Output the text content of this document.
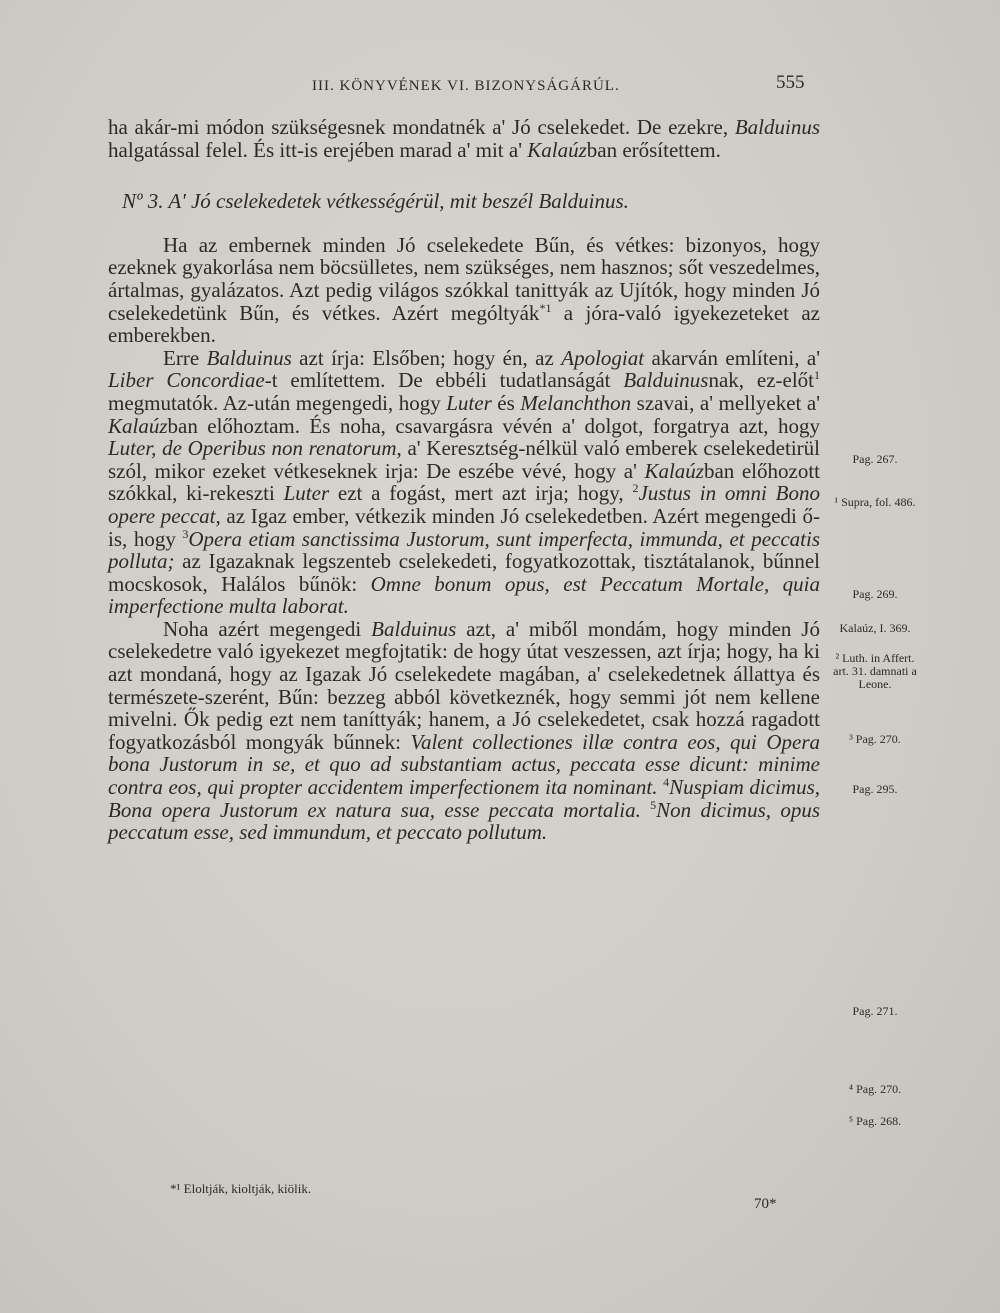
III. KÖNYVÉNEK VI. BIZONYSÁGÁRÚL.	555

ha akár-mi módon szükségesnek mondatnék a' Jó cselekedet. De ezekre, Balduinus halgatással felel. És itt-is erejében marad a' mit a' Kalaúzban erősítettem.

Nº 3. A' Jó cselekedetek vétkességérül, mit beszél Balduinus.

Ha az embernek minden Jó cselekedete Bűn, és vétkes: bizonyos, hogy ezeknek gyakorlása nem böcsülletes, nem szükséges, nem hasznos; sőt veszedelmes, ártalmas, gyalázatos. Azt pedig világos szókkal tanittyák az Ujítók, hogy minden Jó cselekedetünk Bűn, és vétkes. Azért mególtyák$^{*1}$ a jóra-való igyekezeteket az emberekben.

Erre Balduinus azt írja: Elsőben; hogy én, az Apologiat akarván említeni, a' Liber Concordiae-t említettem. De ebbéli tudatlanságát Balduinusnak, ez-előt$^1$ megmutatók. Az-után megengedi, hogy Luter és Melanchthon szavai, a' mellyeket a' Kalaúzban előhoztam. És noha, csavargásra vévén a' dolgot, forgatrya azt, hogy Luter, de Operibus non renatorum, a' Keresztség-nélkül való emberek cselekedetirül szól, mikor ezeket vétkeseknek irja: De eszébe vévé, hogy a' Kalaúzban előhozott szókkal, ki-rekeszti Luter ezt a fogást, mert azt irja; hogy, $^2$Justus in omni Bono opere peccat, az Igaz ember, vétkezik minden Jó cselekedetben. Azért megengedi ő-is, hogy $^3$Opera etiam sanctissima Justorum, sunt imperfecta, immunda, et peccatis polluta; az Igazaknak legszenteb cselekedeti, fogyatkozottak, tisztátalanok, bűnnel mocskosok, Halálos bűnök: Omne bonum opus, est Peccatum Mortale, quia imperfectione multa laborat.

Noha azért megengedi Balduinus azt, a' miből mondám, hogy minden Jó cselekedetre való igyekezet megfojtatik: de hogy útat veszessen, azt írja; hogy, ha ki azt mondaná, hogy az Igazak Jó cselekedete magában, a' cselekedetnek állattya és természete-szerént, Bűn: bezzeg abból következnék, hogy semmi jót nem kellene mivelni. Ők pedig ezt nem taníttyák; hanem, a Jó cselekedetet, csak hozzá ragadott fogyatkozásból mongyák bűnnek: Valent collectiones illæ contra eos, qui Opera bona Justorum in se, et quo ad substantiam actus, peccata esse dicunt: minime contra eos, qui propter accidentem imperfectionem ita nominant. $^4$Nuspiam dicimus, Bona opera Justorum ex natura sua, esse peccata mortalia. $^5$Non dicimus, opus peccatum esse, sed immundum, et peccato pollutum.

Pag. 267.
¹ Supra, fol. 486.
Pag. 269.
Kalaúz, I. 369.
² Luth. in Affert. art. 31. damnati a Leone.
³ Pag. 270.
Pag. 295.
Pag. 271.
⁴ Pag. 270.
⁵ Pag. 268.
*¹ Eloltják, kioltják, kiölik.
70*
